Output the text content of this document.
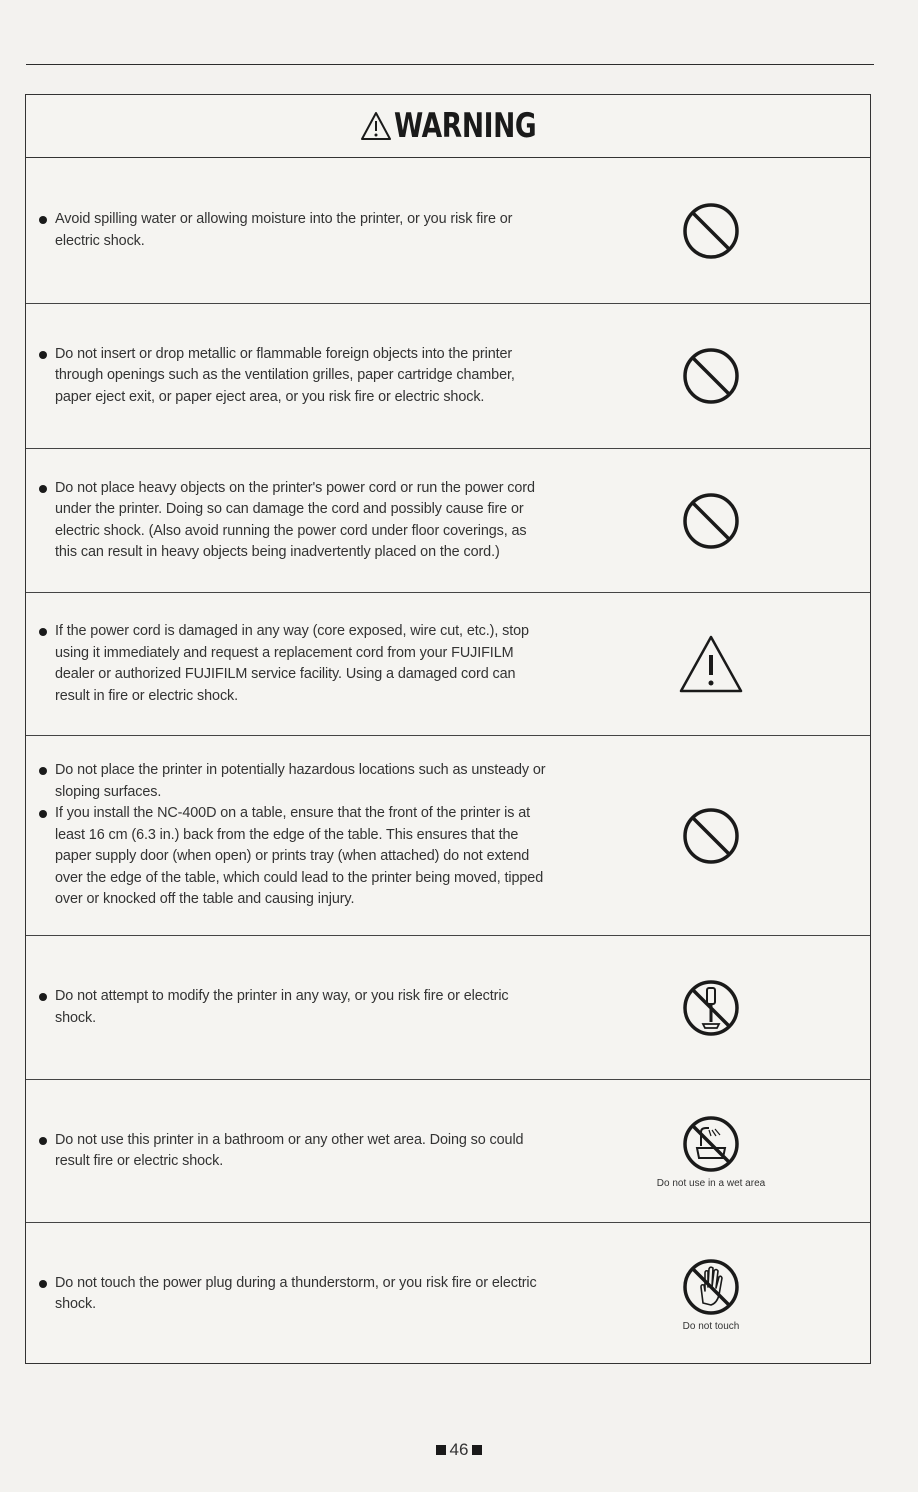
WARNING
Avoid spilling water or allowing moisture into the printer, or you risk fire or electric shock.
Do not insert or drop metallic or flammable foreign objects into the printer through openings such as the ventilation grilles, paper cartridge chamber, paper eject exit, or paper eject area, or you risk fire or electric shock.
Do not place heavy objects on the printer's power cord or run the power cord under the printer. Doing so can damage the cord and possibly cause fire or electric shock. (Also avoid running the power cord under floor coverings, as this can result in heavy objects being inadvertently placed on the cord.)
If the power cord is damaged in any way (core exposed, wire cut, etc.), stop using it immediately and request a replacement cord from your FUJIFILM dealer or authorized FUJIFILM service facility. Using a damaged cord can result in fire or electric shock.
Do not place the printer in potentially hazardous locations such as unsteady or sloping surfaces.
If you install the NC-400D on a table, ensure that the front of the printer is at least 16 cm (6.3 in.) back from the edge of the table. This ensures that the paper supply door (when open) or prints tray (when attached) do not extend over the edge of the table, which could lead to the printer being moved, tipped over or knocked off the table and causing injury.
Do not attempt to modify the printer in any way, or you risk fire or electric shock.
Do not use this printer in a bathroom or any other wet area. Doing so could result fire or electric shock.
Do not use in a wet area
Do not touch the power plug during a thunderstorm, or you risk fire or electric shock.
Do not touch
46
